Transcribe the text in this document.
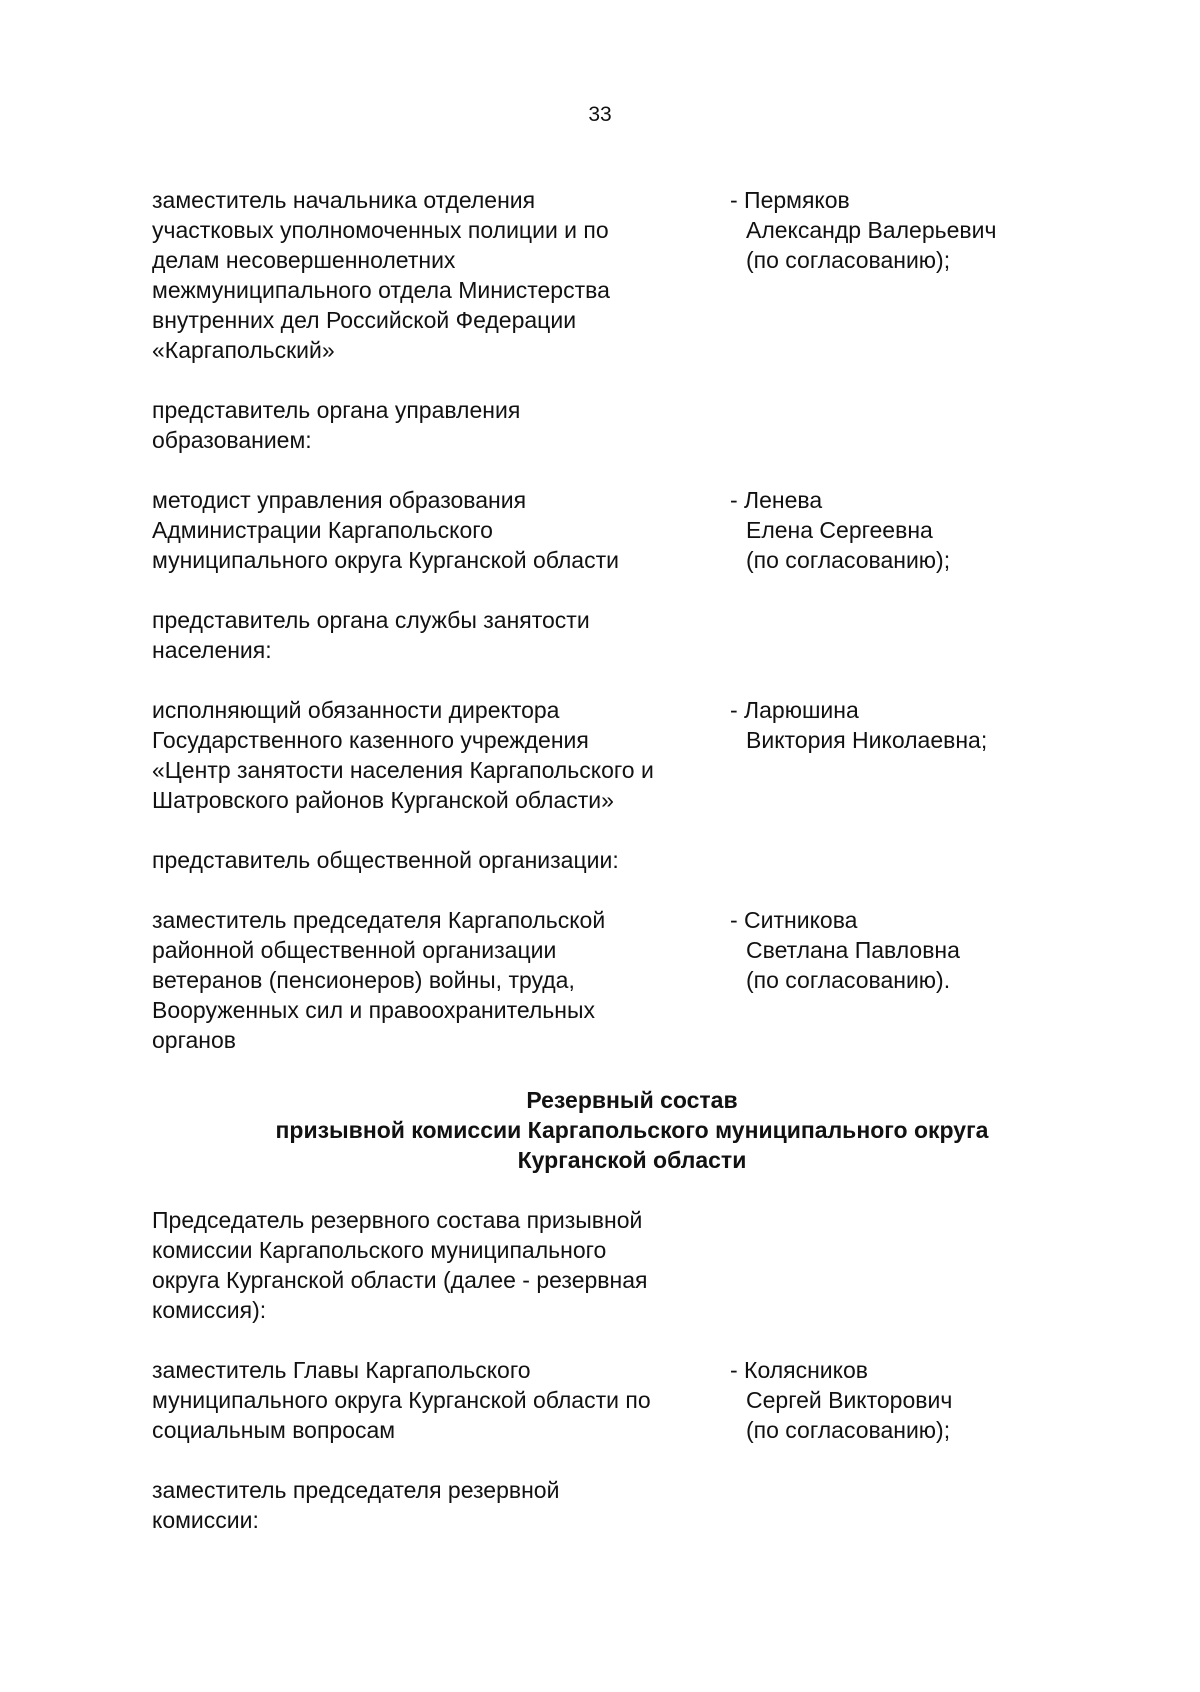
33
заместитель начальника отделения
участковых уполномоченных полиции и по
делам несовершеннолетних
межмуниципального отдела Министерства
внутренних дел Российской Федерации
«Каргапольский»
- Пермяков
Александр Валерьевич
(по согласованию);
представитель органа управления
образованием:
методист управления образования
Администрации Каргапольского
муниципального округа Курганской области
- Ленева
Елена Сергеевна
(по согласованию);
представитель органа службы занятости
населения:
исполняющий обязанности директора
Государственного казенного учреждения
«Центр занятости населения Каргапольского и
Шатровского районов Курганской области»
- Ларюшина
Виктория Николаевна;
представитель общественной организации:
заместитель председателя Каргапольской
районной общественной организации
ветеранов (пенсионеров) войны, труда,
Вооруженных сил и правоохранительных
органов
- Ситникова
Светлана Павловна
(по согласованию).
Резервный состав
призывной комиссии Каргапольского муниципального округа
Курганской области
Председатель резервного состава призывной
комиссии Каргапольского муниципального
округа Курганской области (далее - резервная
комиссия):
заместитель Главы Каргапольского
муниципального округа Курганской области по
социальным вопросам
- Колясников
Сергей Викторович
(по согласованию);
заместитель председателя резервной
комиссии:
